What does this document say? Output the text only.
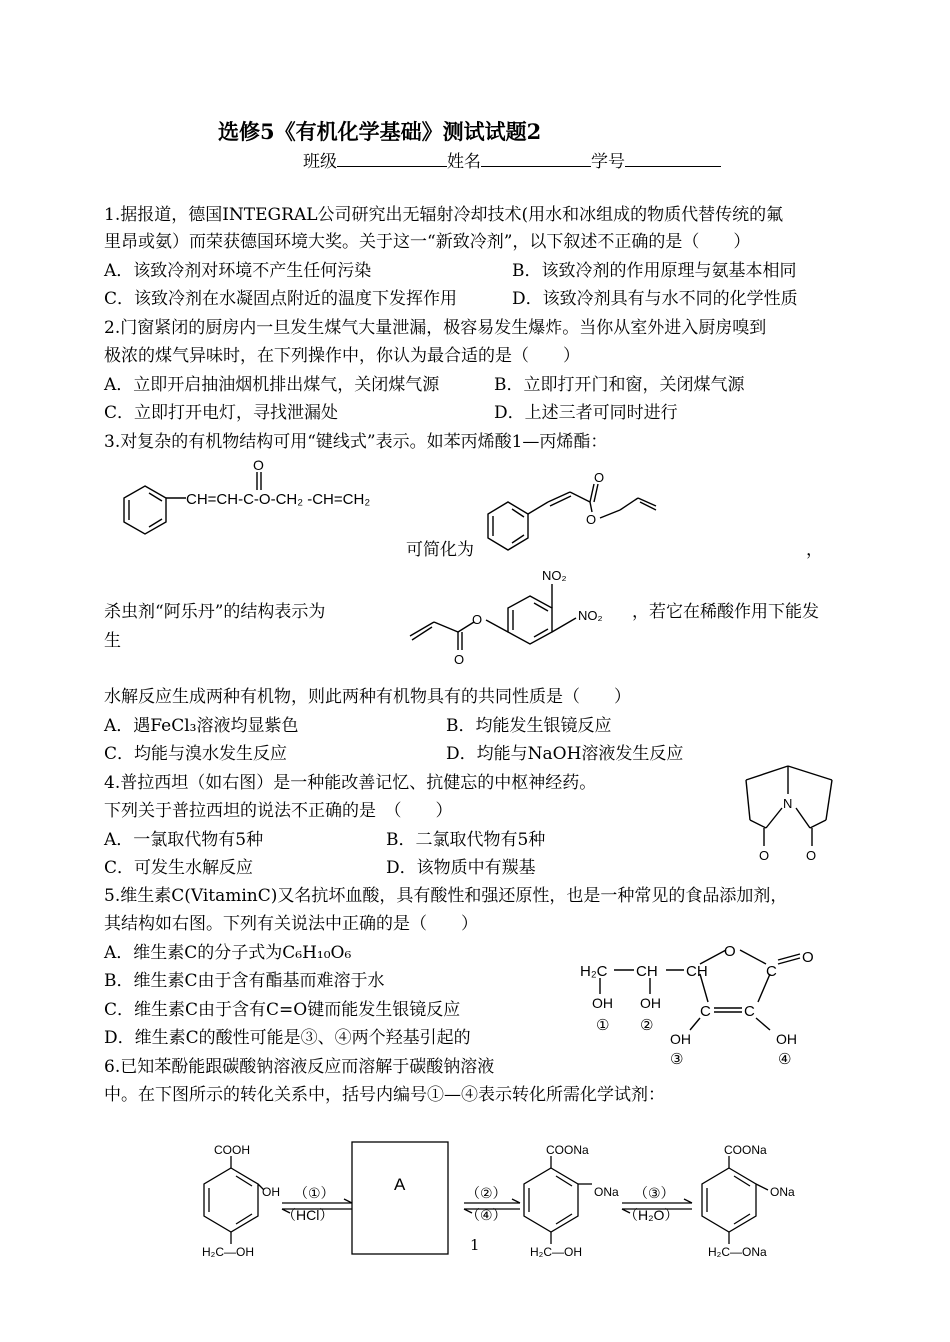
选修5《有机化学基础》测试试题2
班级	姓名	学号
1.据报道，德国INTEGRAL公司研究出无辐射冷却技术(用水和冰组成的物质代替传统的氟
里昂或氨）而荣获德国环境大奖。关于这一“新致冷剂”，以下叙述不正确的是（　　）
A．该致冷剂对环境不产生任何污染	B．该致冷剂的作用原理与氨基本相同
C．该致冷剂在水凝固点附近的温度下发挥作用	D．该致冷剂具有与水不同的化学性质
2.门窗紧闭的厨房内一旦发生煤气大量泄漏，极容易发生爆炸。当你从室外进入厨房嗅到
极浓的煤气异味时，在下列操作中，你认为最合适的是（　　）
A．立即开启抽油烟机排出煤气，关闭煤气源	B．立即打开门和窗，关闭煤气源
C．立即打开电灯，寻找泄漏处	D．上述三者可同时进行
3.对复杂的有机物结构可用“键线式”表示。如苯丙烯酸1—丙烯酯：
O
CH=CH-C-O-CH₂ -CH=CH₂
O
O
NO₂
NO₂
O
O
N
O	O
O	O
H₂C CH CH	C
OH OH
① ②
C C
OH	OH
③	④
COOH
OH
H₂C—OH
（①）
（HCl）
A	（②）
（④）
COONa
ONa
H₂C—OH
（③）
（H₂O）
COONa
ONa
H₂C—ONa
可简化为	，
杀虫剂“阿乐丹”的结构表示为
生
，若它在稀酸作用下能发
水解反应生成两种有机物，则此两种有机物具有的共同性质是（　　）
A．遇FeCl₃溶液均显紫色	B．均能发生银镜反应
C．均能与溴水发生反应	D．均能与NaOH溶液发生反应
4.普拉西坦（如右图）是一种能改善记忆、抗健忘的中枢神经药。
下列关于普拉西坦的说法不正确的是　（　　）
A．一氯取代物有5种	B．二氯取代物有5种
C．可发生水解反应	D．该物质中有羰基
5.维生素C(VitaminC)又名抗坏血酸，具有酸性和强还原性，也是一种常见的食品添加剂，
其结构如右图。下列有关说法中正确的是（　　）
A．维生素C的分子式为C₆H₁₀O₆
B．维生素C由于含有酯基而难溶于水
C．维生素C由于含有C=O键而能发生银镜反应
D．维生素C的酸性可能是③、④两个羟基引起的
6.已知苯酚能跟碳酸钠溶液反应而溶解于碳酸钠溶液
中。在下图所示的转化关系中，括号内编号①—④表示转化所需化学试剂：
1
